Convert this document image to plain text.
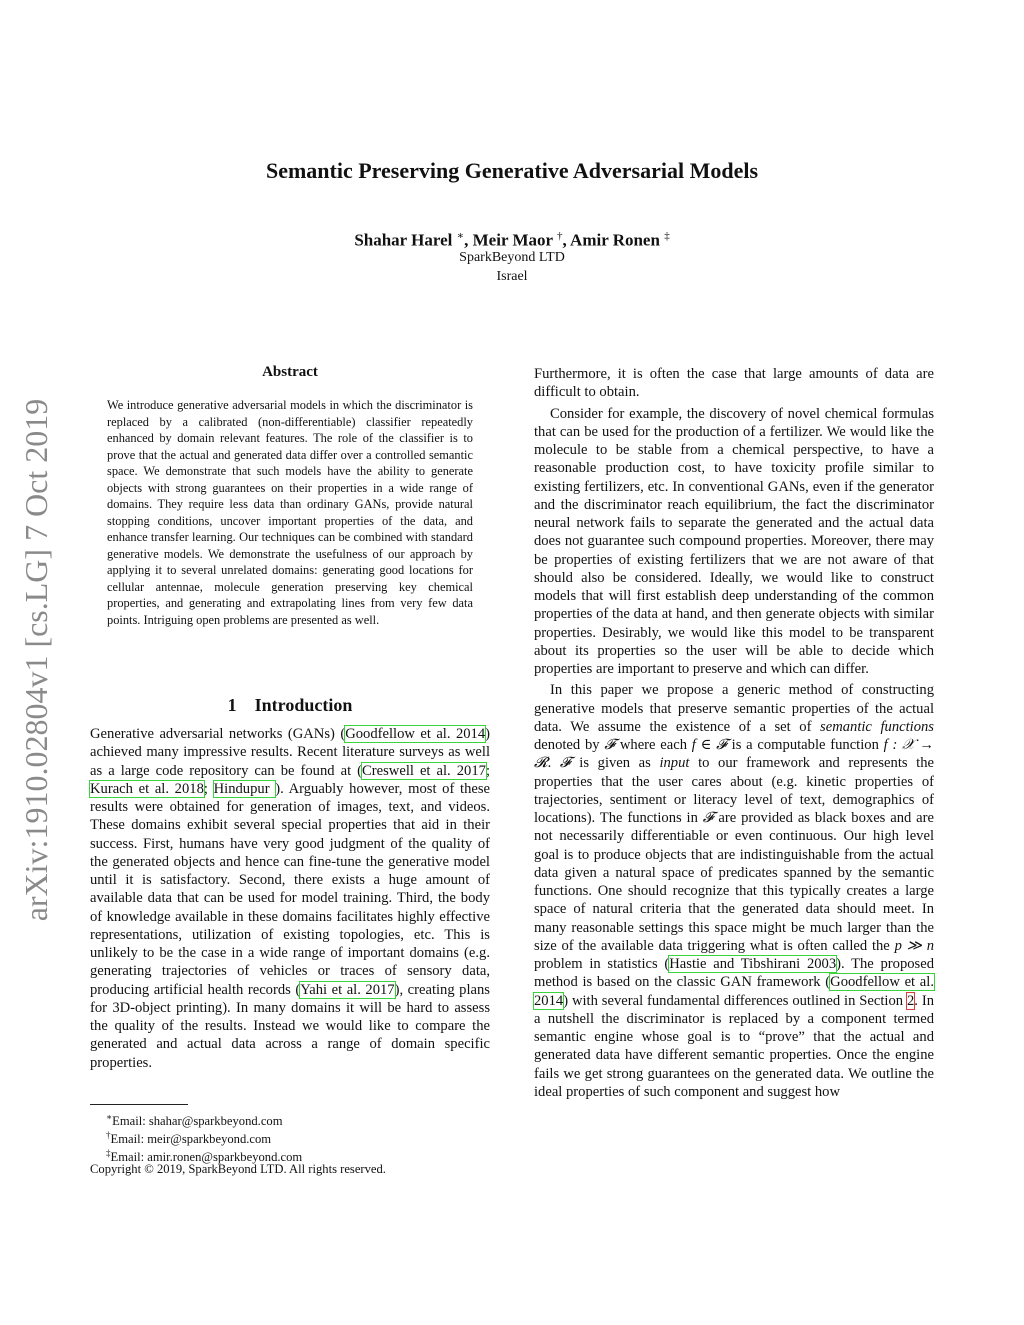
arXiv:1910.02804v1 [cs.LG] 7 Oct 2019
Semantic Preserving Generative Adversarial Models
Shahar Harel ∗, Meir Maor †, Amir Ronen ‡
SparkBeyond LTD
Israel
Abstract
We introduce generative adversarial models in which the discriminator is replaced by a calibrated (non-differentiable) classifier repeatedly enhanced by domain relevant features. The role of the classifier is to prove that the actual and generated data differ over a controlled semantic space. We demonstrate that such models have the ability to generate objects with strong guarantees on their properties in a wide range of domains. They require less data than ordinary GANs, provide natural stopping conditions, uncover important properties of the data, and enhance transfer learning. Our techniques can be combined with standard generative models. We demonstrate the usefulness of our approach by applying it to several unrelated domains: generating good locations for cellular antennae, molecule generation preserving key chemical properties, and generating and extrapolating lines from very few data points. Intriguing open problems are presented as well.
1 Introduction
Generative adversarial networks (GANs) (Goodfellow et al. 2014) achieved many impressive results. Recent literature surveys as well as a large code repository can be found at (Creswell et al. 2017; Kurach et al. 2018; Hindupur ). Arguably however, most of these results were obtained for generation of images, text, and videos. These domains exhibit several special properties that aid in their success. First, humans have very good judgment of the quality of the generated objects and hence can fine-tune the generative model until it is satisfactory. Second, there exists a huge amount of available data that can be used for model training. Third, the body of knowledge available in these domains facilitates highly effective representations, utilization of existing topologies, etc. This is unlikely to be the case in a wide range of important domains (e.g. generating trajectories of vehicles or traces of sensory data, producing artificial health records (Yahi et al. 2017), creating plans for 3D-object printing). In many domains it will be hard to assess the quality of the results. Instead we would like to compare the generated and actual data across a range of domain specific properties.

Furthermore, it is often the case that large amounts of data are difficult to obtain.

Consider for example, the discovery of novel chemical formulas that can be used for the production of a fertilizer. We would like the molecule to be stable from a chemical perspective, to have a reasonable production cost, to have toxicity profile similar to existing fertilizers, etc. In conventional GANs, even if the generator and the discriminator reach equilibrium, the fact the discriminator neural network fails to separate the generated and the actual data does not guarantee such compound properties. Moreover, there may be properties of existing fertilizers that we are not aware of that should also be considered. Ideally, we would like to construct models that will first establish deep understanding of the common properties of the data at hand, and then generate objects with similar properties. Desirably, we would like this model to be transparent about its properties so the user will be able to decide which properties are important to preserve and which can differ.

In this paper we propose a generic method of constructing generative models that preserve semantic properties of the actual data. We assume the existence of a set of semantic functions denoted by 𝓕 where each f ∈ 𝓕 is a computable function f : 𝒳 → 𝓡. 𝓕 is given as input to our framework and represents the properties that the user cares about (e.g. kinetic properties of trajectories, sentiment or literacy level of text, demographics of locations). The functions in 𝓕 are provided as black boxes and are not necessarily differentiable or even continuous. Our high level goal is to produce objects that are indistinguishable from the actual data given a natural space of predicates spanned by the semantic functions. One should recognize that this typically creates a large space of natural criteria that the generated data should meet. In many reasonable settings this space might be much larger than the size of the available data triggering what is often called the p ≫ n problem in statistics (Hastie and Tibshirani 2003). The proposed method is based on the classic GAN framework (Goodfellow et al. 2014) with several fundamental differences outlined in Section 2. In a nutshell the discriminator is replaced by a component termed semantic engine whose goal is to “prove” that the actual and generated data have different semantic properties. Once the engine fails we get strong guarantees on the generated data. We outline the ideal properties of such component and suggest how

∗Email: shahar@sparkbeyond.com
†Email: meir@sparkbeyond.com
‡Email: amir.ronen@sparkbeyond.com
Copyright © 2019, SparkBeyond LTD. All rights reserved.
